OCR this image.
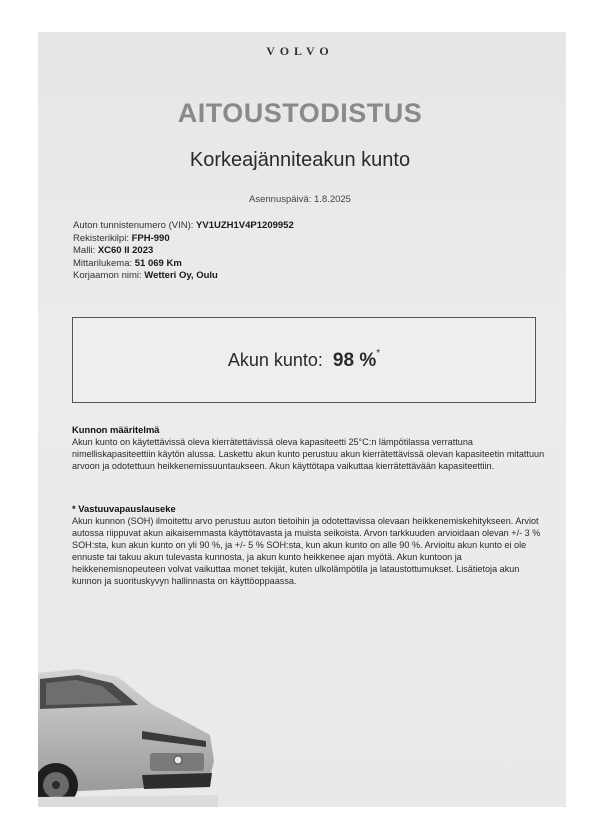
VOLVO
AITOUSTODISTUS
Korkeajänniteakun kunto
Asennuspäivä: 1.8.2025
Auton tunnistenumero (VIN): YV1UZH1V4P1209952
Rekisterikilpi: FPH-990
Malli: XC60 II 2023
Mittarilukema: 51 069 Km
Korjaamon nimi: Wetteri Oy, Oulu
Akun kunto: 98 %*
Kunnon määritelmä

Akun kunto on käytettävissä oleva kierrätettävissä oleva kapasiteetti 25°C:n lämpötilassa verrattuna nimelliskapasiteettiin käytön alussa. Laskettu akun kunto perustuu akun kierrätettävissä olevan kapasiteetin mitattuun arvoon ja odotettuun heikkenemissuuntaukseen. Akun käyttötapa vaikuttaa kierrätettävään kapasiteettiin.

* Vastuuvapauslauseke

Akun kunnon (SOH) ilmoitettu arvo perustuu auton tietoihin ja odotettavissa olevaan heikkenemiskehitykseen. Arviot autossa riippuvat akun aikaisemmasta käyttötavasta ja muista seikoista. Arvon tarkkuuden arvioidaan olevan +/- 3 % SOH:sta, kun akun kunto on yli 90 %, ja +/- 5 % SOH:sta, kun akun kunto on alle 90 %. Arvioitu akun kunto ei ole ennuste tai takuu akun tulevasta kunnosta, ja akun kunto heikkenee ajan myötä. Akun kuntoon ja heikkenemisnopeuteen volvat vaikuttaa monet tekijät, kuten ulkolämpötila ja lataustottumukset. Lisätietoja akun kunnon ja suorituskyvyn hallinnasta on käyttöoppaassa.
